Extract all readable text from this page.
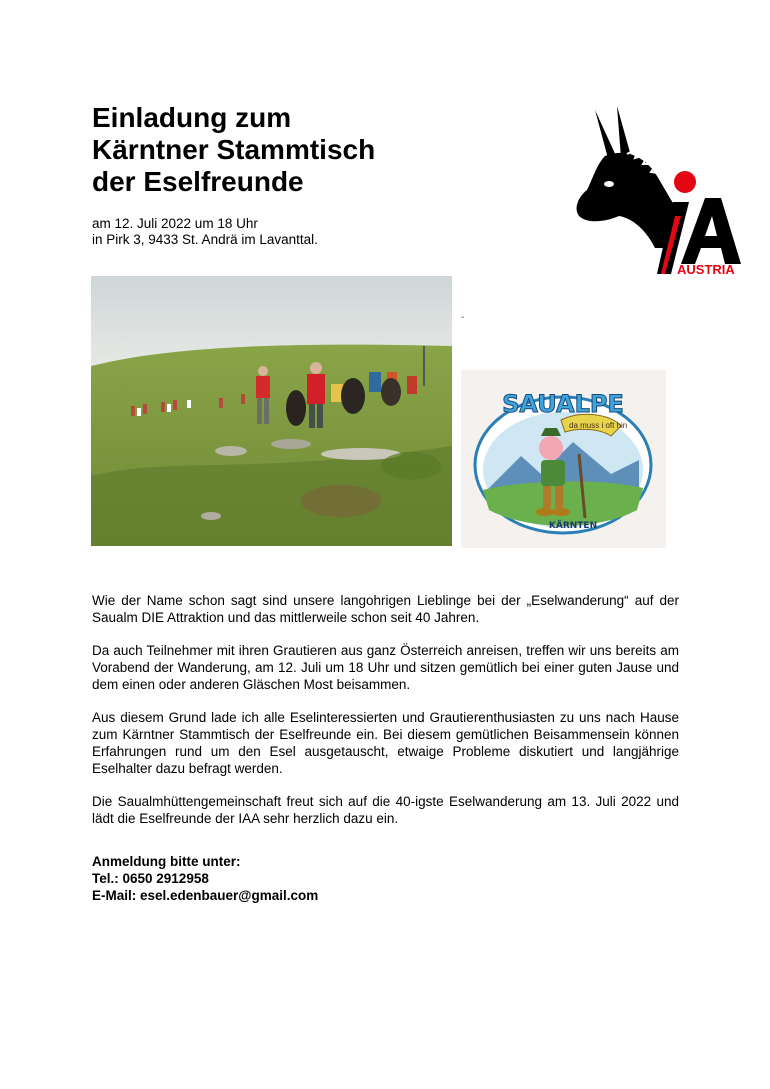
Einladung zum
Kärntner Stammtisch
der Eselfreunde
am 12. Juli 2022 um 18 Uhr
in Pirk 3, 9433 St. Andrä im Lavanttal.
AUSTRIA
-
da muss i oft hin
SAUALPE
KÄRNTEN

Wie der Name schon sagt sind unsere langohrigen Lieblinge bei der „Eselwanderung“ auf der Saualm DIE Attraktion und das mittlerweile schon seit 40 Jahren.

Da auch Teilnehmer mit ihren Grautieren aus ganz Österreich anreisen, treffen wir uns bereits am Vorabend der Wanderung, am 12. Juli um 18 Uhr und sitzen gemütlich bei einer guten Jause und dem einen oder anderen Gläschen Most beisammen.

Aus diesem Grund lade ich alle Eselinteressierten und Grautierenthusiasten zu uns nach Hause zum Kärntner Stammtisch der Eselfreunde ein. Bei diesem gemütlichen Beisammensein können Erfahrungen rund um den Esel ausgetauscht, etwaige Probleme diskutiert und langjährige Eselhalter dazu befragt werden.

Die Saualmhüttengemeinschaft freut sich auf die 40-igste Eselwanderung am 13. Juli 2022 und lädt die Eselfreunde der IAA sehr herzlich dazu ein.

Anmeldung bitte unter:
Tel.: 0650 2912958
E-Mail: esel.edenbauer@gmail.com
